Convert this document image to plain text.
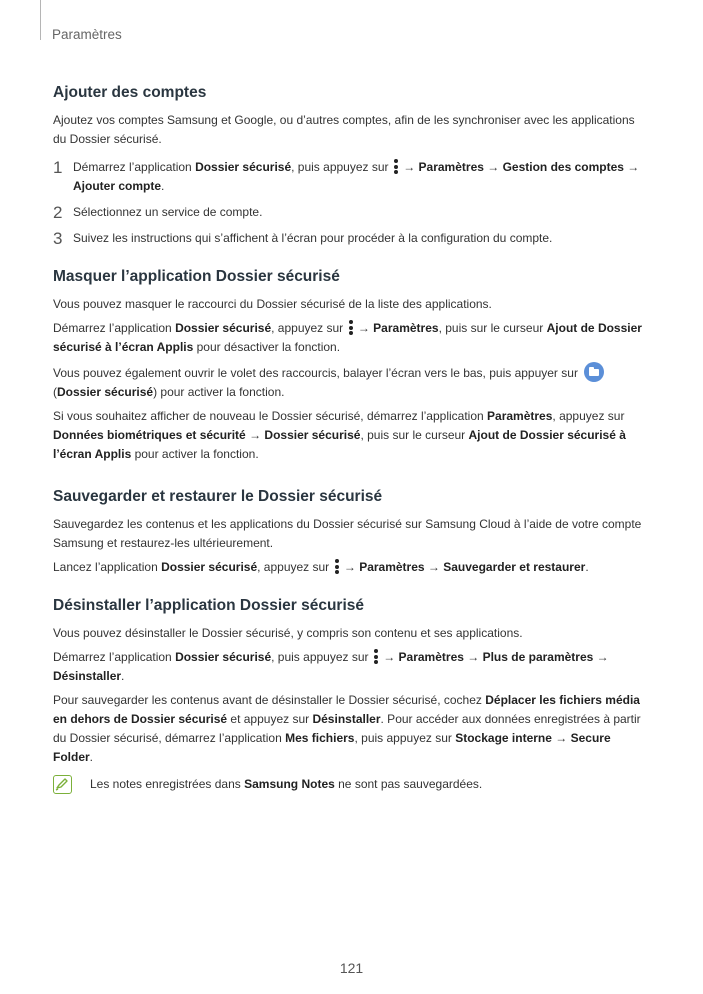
Paramètres
Ajouter des comptes

Ajoutez vos comptes Samsung et Google, ou d’autres comptes, afin de les synchroniser avec les applications du Dossier sécurisé.

1 Démarrez l’application Dossier sécurisé, puis appuyez sur
→ Paramètres → Gestion des comptes → Ajouter compte.
2 Sélectionnez un service de compte.
3 Suivez les instructions qui s’affichent à l’écran pour procéder à la configuration du compte.
Masquer l’application Dossier sécurisé

Vous pouvez masquer le raccourci du Dossier sécurisé de la liste des applications.

Démarrez l’application Dossier sécurisé, appuyez sur
→ Paramètres, puis sur le curseur Ajout de Dossier sécurisé à l’écran Applis pour désactiver la fonction.

Vous pouvez également ouvrir le volet des raccourcis, balayer l’écran vers le bas, puis appuyer sur
(Dossier sécurisé) pour activer la fonction.

Si vous souhaitez afficher de nouveau le Dossier sécurisé, démarrez l’application Paramètres, appuyez sur Données biométriques et sécurité → Dossier sécurisé, puis sur le curseur Ajout de Dossier sécurisé à l’écran Applis pour activer la fonction.

Sauvegarder et restaurer le Dossier sécurisé

Sauvegardez les contenus et les applications du Dossier sécurisé sur Samsung Cloud à l’aide de votre compte Samsung et restaurez-les ultérieurement.

Lancez l’application Dossier sécurisé, appuyez sur
→ Paramètres → Sauvegarder et restaurer.

Désinstaller l’application Dossier sécurisé

Vous pouvez désinstaller le Dossier sécurisé, y compris son contenu et ses applications.

Démarrez l’application Dossier sécurisé, puis appuyez sur
→ Paramètres → Plus de paramètres → Désinstaller.

Pour sauvegarder les contenus avant de désinstaller le Dossier sécurisé, cochez Déplacer les fichiers média en dehors de Dossier sécurisé et appuyez sur Désinstaller. Pour accéder aux données enregistrées à partir du Dossier sécurisé, démarrez l’application Mes fichiers, puis appuyez sur Stockage interne → Secure Folder.

Les notes enregistrées dans Samsung Notes ne sont pas sauvegardées.
121
